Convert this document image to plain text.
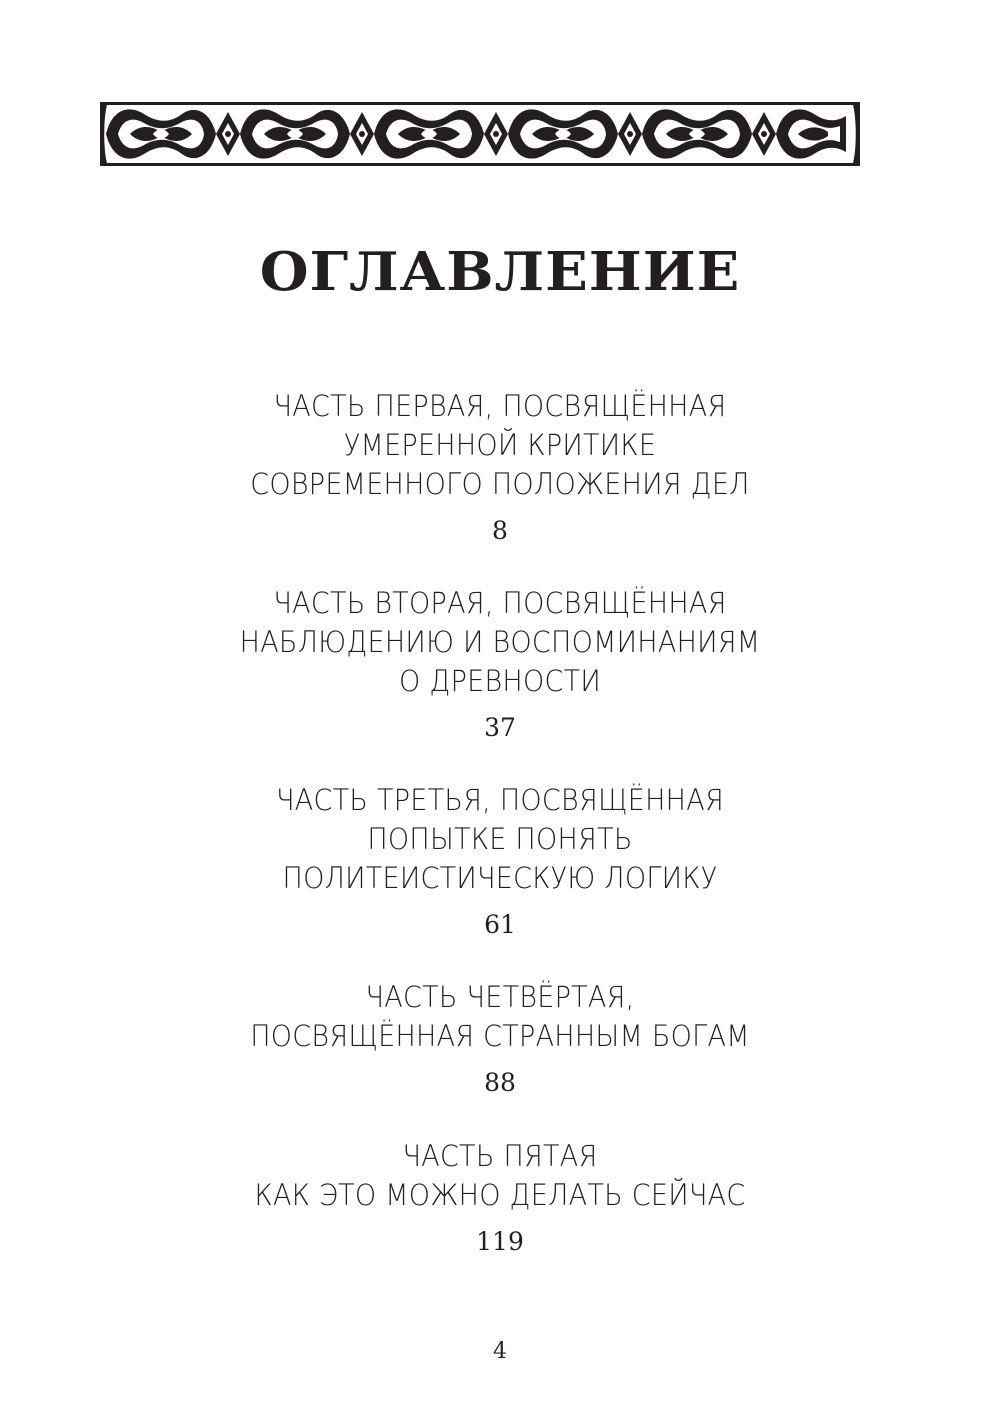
ОГЛАВЛЕНИЕ
ЧАСТЬ ПЕРВАЯ, ПОСВЯЩЁННАЯ
УМЕРЕННОЙ КРИТИКЕ
СОВРЕМЕННОГО ПОЛОЖЕНИЯ ДЕЛ
8
ЧАСТЬ ВТОРАЯ, ПОСВЯЩЁННАЯ
НАБЛЮДЕНИЮ И ВОСПОМИНАНИЯМ
О ДРЕВНОСТИ
37
ЧАСТЬ ТРЕТЬЯ, ПОСВЯЩЁННАЯ
ПОПЫТКЕ ПОНЯТЬ
ПОЛИТЕИСТИЧЕСКУЮ ЛОГИКУ
61
ЧАСТЬ ЧЕТВЁРТАЯ,
ПОСВЯЩЁННАЯ СТРАННЫМ БОГАМ
88
ЧАСТЬ ПЯТАЯ
КАК ЭТО МОЖНО ДЕЛАТЬ СЕЙЧАС
119
4
